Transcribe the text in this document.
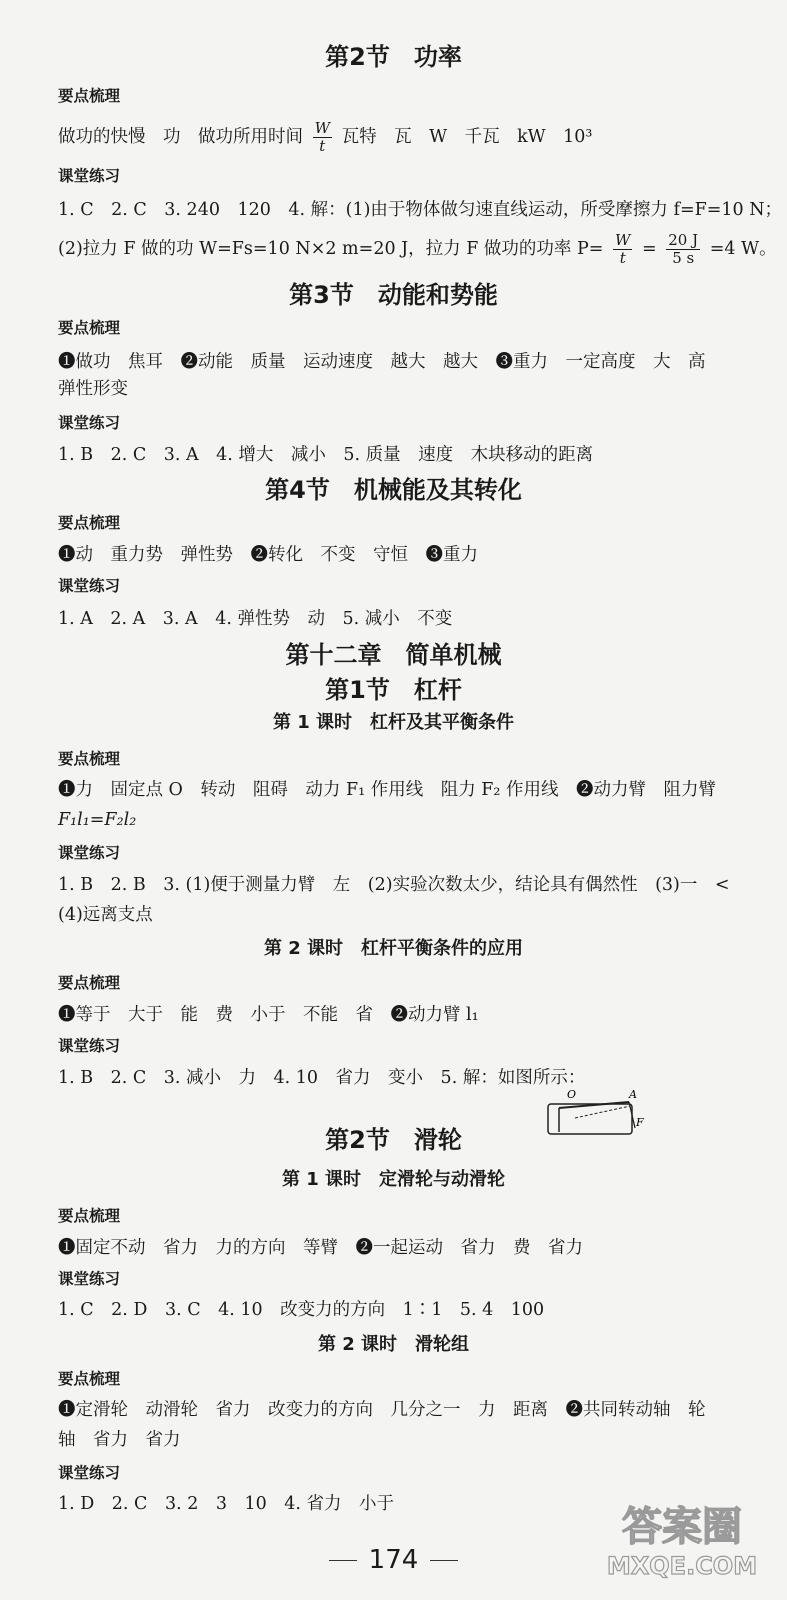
第2节　功率
要点梳理
做功的快慢　功　做功所用时间 $\frac{W}{t}$ 瓦特　瓦　W　千瓦　kW　10³
课堂练习
1. C　2. C　3. 240　120　4. 解：(1)由于物体做匀速直线运动，所受摩擦力 f=F=10 N；
(2)拉力 F 做的功 W=Fs=10 N×2 m=20 J，拉力 F 做功的功率 $P= \frac{W}{t} = \frac{20 J}{5 s} =4$ W。
第3节　动能和势能
要点梳理
❶做功　焦耳　❷动能　质量　运动速度　越大　越大　❸重力　一定高度　大　高
弹性形变
课堂练习
1. B　2. C　3. A　4. 增大　减小　5. 质量　速度　木块移动的距离
第4节　机械能及其转化
要点梳理
❶动　重力势　弹性势　❷转化　不变　守恒　❸重力
课堂练习
1. A　2. A　3. A　4. 弹性势　动　5. 减小　不变
第十二章　简单机械
第1节　杠杆
第 1 课时　杠杆及其平衡条件
要点梳理
❶力　固定点 O　转动　阻碍　动力 F₁ 作用线　阻力 F₂ 作用线　❷动力臂　阻力臂
F₁l₁=F₂l₂
课堂练习
1. B　2. B　3. (1)便于测量力臂　左　(2)实验次数太少，结论具有偶然性　(3)一　<
(4)远离支点
第 2 课时　杠杆平衡条件的应用
要点梳理
❶等于　大于　能　费　小于　不能　省　❷动力臂 l₁
课堂练习
1. B　2. C　3. 减小　力　4. 10　省力　变小　5. 解：如图所示：
O	A
F
第2节　滑轮
第 1 课时　定滑轮与动滑轮
要点梳理
❶固定不动　省力　力的方向　等臂　❷一起运动　省力　费　省力
课堂练习
1. C　2. D　3. C　4. 10　改变力的方向　1∶1　5. 4　100
第 2 课时　滑轮组
要点梳理
❶定滑轮　动滑轮　省力　改变力的方向　几分之一　力　距离　❷共同转动轴　轮
轴　省力　省力
课堂练习
1. D　2. C　3. 2　3　10　4. 省力　小于
174
答案圈
MXQE.COM
